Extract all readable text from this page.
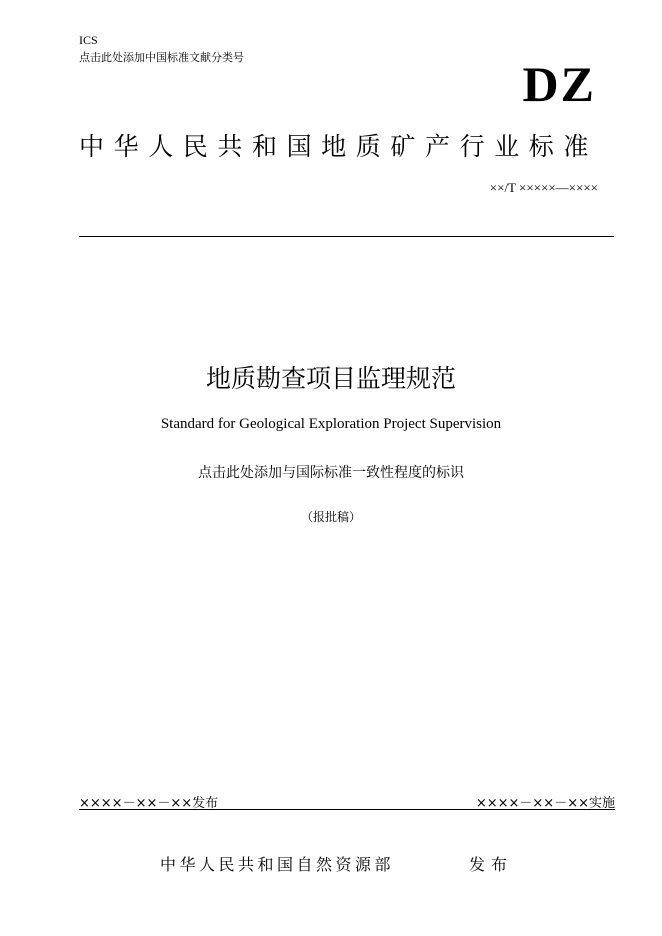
ICS
点击此处添加中国标准文献分类号	DZ
中华人民共和国地质矿产行业标准
××/T ×××××—××××
地质勘查项目监理规范
Standard for Geological Exploration Project Supervision
点击此处添加与国际标准一致性程度的标识
（报批稿）
××××－××－××发布	××××－××－××实施
中华人民共和国自然资源部	发布
